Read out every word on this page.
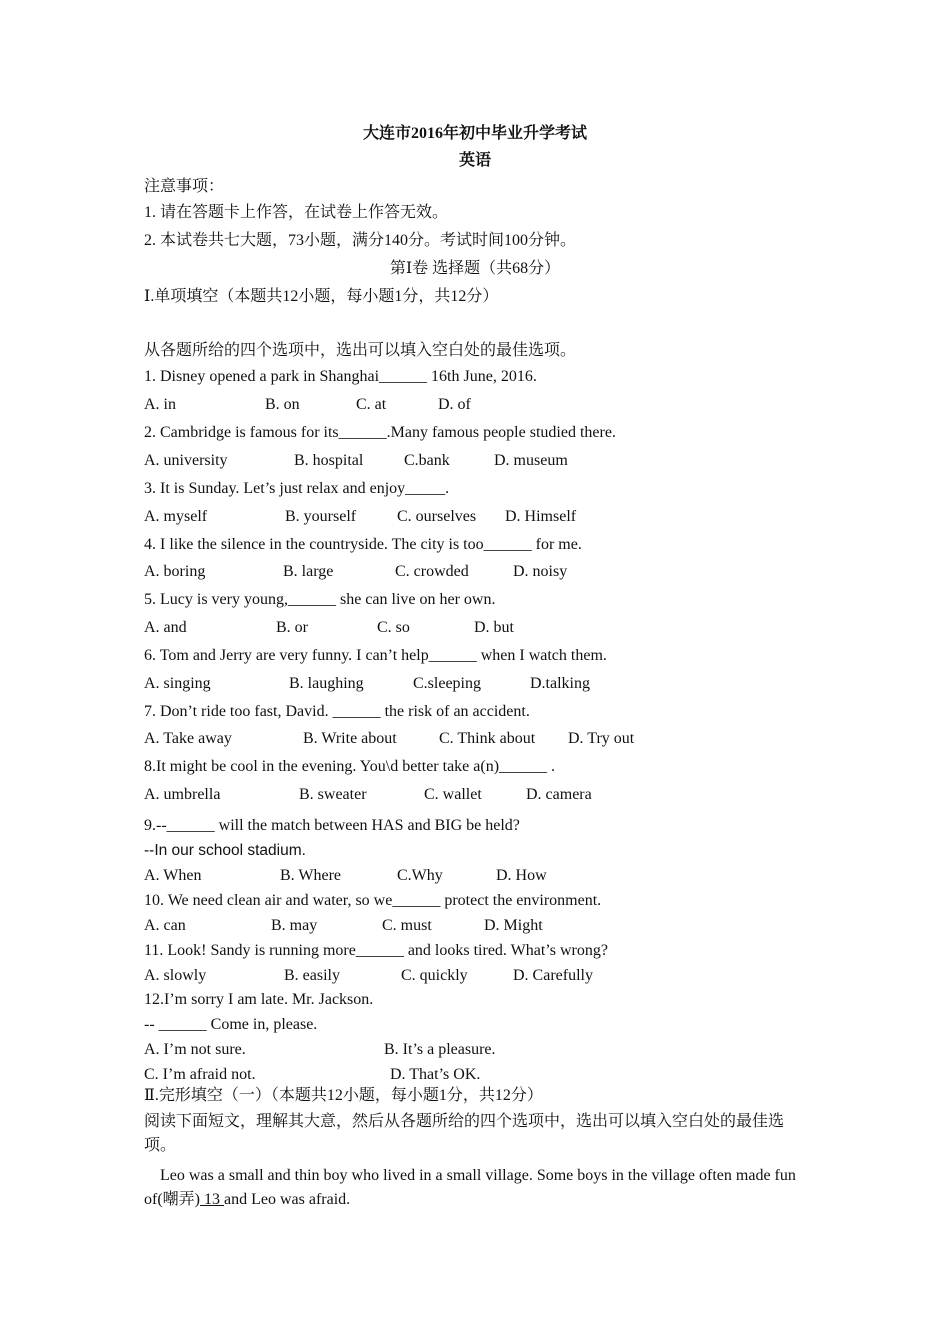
大连市2016年初中毕业升学考试
英语
注意事项：
1. 请在答题卡上作答，在试卷上作答无效。
2. 本试卷共七大题，73小题，满分140分。考试时间100分钟。
第Ⅰ卷 选择题（共68分）
Ⅰ.单项填空（本题共12小题，每小题1分，共12分）
从各题所给的四个选项中，选出可以填入空白处的最佳选项。
1. Disney opened a park in Shanghai______ 16th June, 2016.
A. in	B. on	C. at	D. of
2. Cambridge is famous for its______.Many famous people studied there.
A. university	B. hospital	C.bank	D. museum
3. It is Sunday. Let’s just relax and enjoy_____.
A. myself	B. yourself	C. ourselves D. Himself
4. I like the silence in the countryside. The city is too______ for me.
A. boring	B. large	C. crowded	D. noisy
5. Lucy is very young,______ she can live on her own.
A. and	B. or	C. so	D. but
6. Tom and Jerry are very funny. I can’t help______ when I watch them.
A. singing	B. laughing	C.sleeping	D.talking
7. Don’t ride too fast, David. ______ the risk of an accident.
A. Take away	B. Write about	C. Think about D. Try out
8.It might be cool in the evening. You\d better take a(n)______ .
A. umbrella	B. sweater	C. wallet	D. camera
9.--______ will the match between HAS and BIG be held?
--In our school stadium.
A. When	B. Where	C.Why	D. How
10. We need clean air and water, so we______ protect the environment.
A. can	B. may	C. must	D. Might
11. Look! Sandy is running more______ and looks tired. What’s wrong?
A. slowly	B. easily	C. quickly	D. Carefully
12.I’m sorry I am late. Mr. Jackson.
-- ______ Come in, please.
A. I’m not sure.	B. It’s a pleasure.
C. I’m afraid not.	D. That’s OK.
Ⅱ.完形填空（一）（本题共12小题，每小题1分，共12分）
阅读下面短文，理解其大意，然后从各题所给的四个选项中，选出可以填入空白处的最佳选项。
Leo was a small and thin boy who lived in a small village. Some boys in the village often made fun of(嘲弄) 13 and Leo was afraid.
